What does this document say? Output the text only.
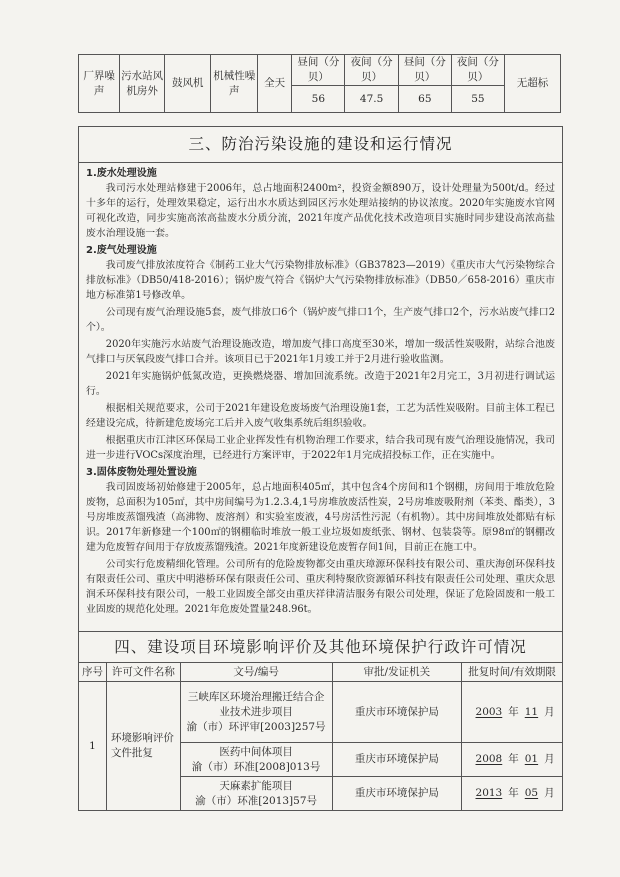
厂界噪声	污水站风机房外	鼓风机	机械性噪声	全天	昼间（分贝）	夜间（分贝）	昼间（分贝）	夜间（分贝）	无超标
					56	47.5	65	55	
三、防治污染设施的建设和运行情况

1.废水处理设施

我司污水处理站修建于2006年，总占地面积2400m²，投资金额890万，设计处理量为500t/d。经过十多年的运行，处理效果稳定，运行出水水质达到园区污水处理站接纳的协议浓度。2020年实施废水官网可视化改造，同步实施高浓高盐废水分质分流，2021年度产品优化技术改造项目实施时同步建设高浓高盐废水治理设施一套。

2.废气处理设施

我司废气排放浓度符合《制药工业大气污染物排放标准》（GB37823—2019）《重庆市大气污染物综合排放标准》（DB50/418-2016）；锅炉废气符合《锅炉大气污染物排放标准》（DB50／658-2016）重庆市地方标准第1号修改单。

公司现有废气治理设施5套，废气排放口6个（锅炉废气排口1个，生产废气排口2个，污水站废气排口2个）。

2020年实施污水站废气治理设施改造，增加废气排口高度至30米，增加一级活性炭吸附，站综合池废气排口与厌氧段废气排口合并。该项目已于2021年1月竣工并于2月进行验收监测。

2021年实施锅炉低氮改造，更换燃烧器、增加回流系统。改造于2021年2月完工，3月初进行调试运行。

根据相关规范要求，公司于2021年建设危废场废气治理设施1套，工艺为活性炭吸附。目前主体工程已经建设完成，待新建危废场完工后并入废气收集系统后组织验收。

根据重庆市江津区环保局工业企业挥发性有机物治理工作要求，结合我司现有废气治理设施情况，我司进一步进行VOCs深度治理，已经进行方案评审，于2022年1月完成招投标工作，正在实施中。

3.固体废物处理处置设施

我司固废场初始修建于2005年，总占地面积405㎡，其中包含4个房间和1个钢棚，房间用于堆放危险废物，总面积为105㎡，其中房间编号为1.2.3.4,1号房堆放废活性炭，2号房堆废吸附剂（苯类、酯类），3号房堆废蒸馏残渣（高沸物、废溶剂）和实验室废液，4号房活性污泥（有机物）。其中房间堆放处都贴有标识。2017年新修建一个100㎡的钢棚临时堆放一般工业垃圾如废纸张、钢材、包装袋等。原98㎡的钢棚改建为危废暂存间用于存放废蒸馏残渣。2021年度新建设危废暂存间1间，目前正在施工中。

公司实行危废精细化管理。公司所有的危险废物都交由重庆璋源环保科技有限公司、重庆海创环保科技有限责任公司、重庆中明港桥环保有限责任公司、重庆利特聚欣资源循环科技有限责任公司处理、重庆众思润禾环保科技有限公司，一般工业固废全部交由重庆祥律清洁服务有限公司处理，保证了危险固废和一般工业固废的规范化处理。2021年危废处置量248.96t。

四、建设项目环境影响评价及其他环境保护行政许可情况
序号	许可文件名称	文号/编号	审批/发证机关	批复时间/有效期限
1	环境影响评价文件批复	三峡库区环境治理搬迁结合企业技术进步项目
渝（市）环评审[2003]257号	重庆市环境保护局	2003 年 11 月

		医药中间体项目
渝（市）环准[2008]013号	重庆市环境保护局	2008 年 01 月

		天麻素扩能项目
渝（市）环准[2013]57号	重庆市环境保护局	2013 年 05 月
